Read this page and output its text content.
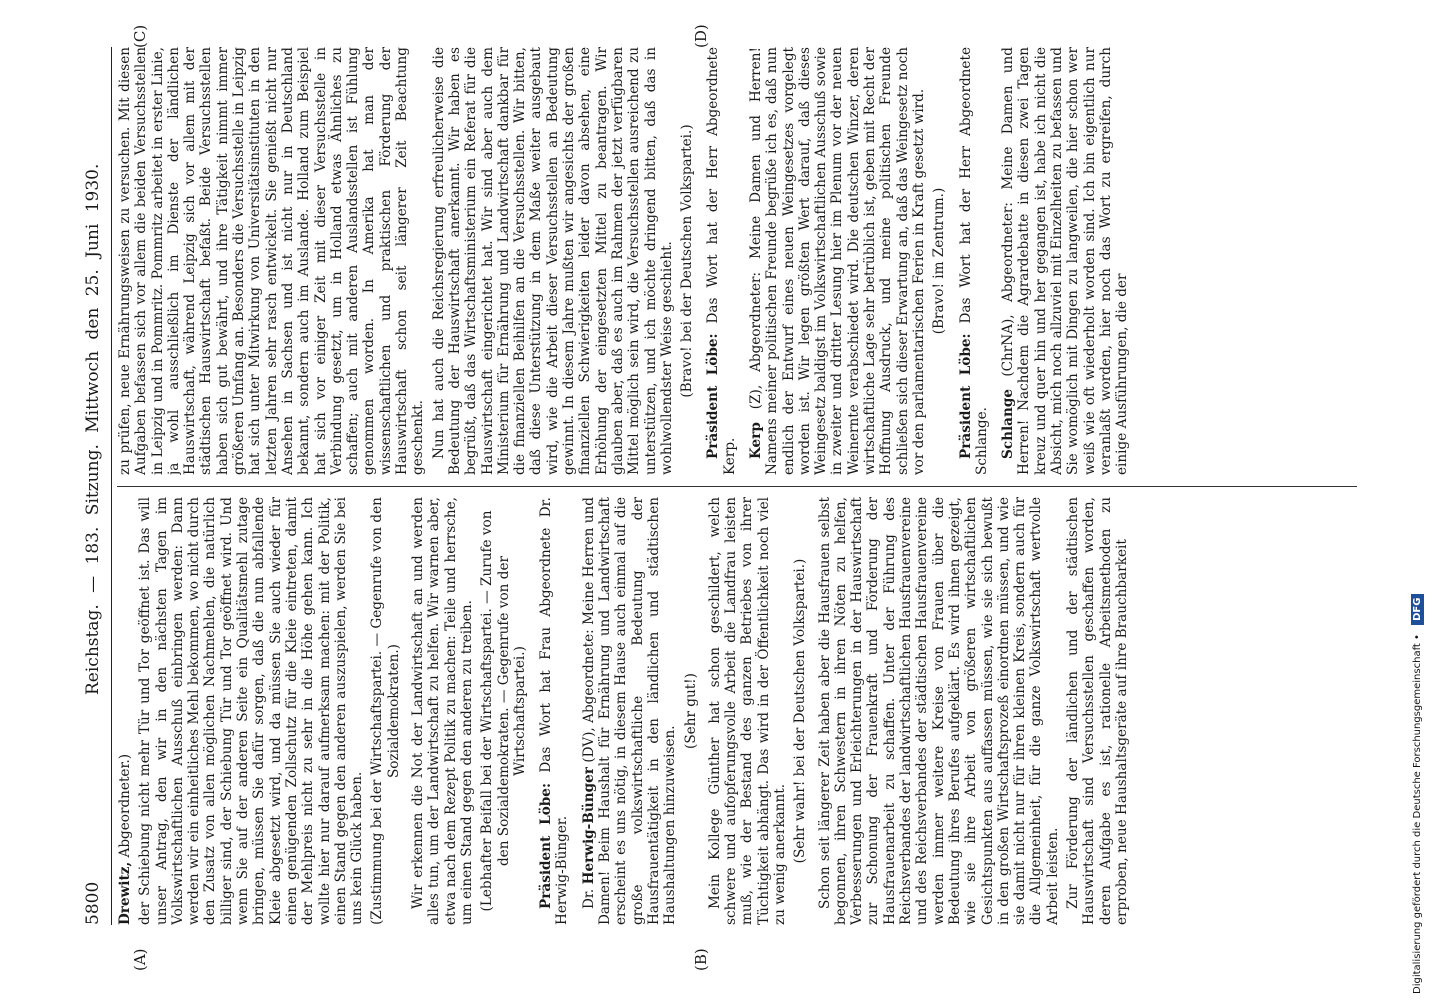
5800
Reichstag. — 183. Sitzung. Mittwoch den 25. Juni 1930.
(A)	(B)
(C)	(D)

Drewitz, Abgeordneter.) der Schiebung nicht mehr Tür und Tor geöffnet ist. Das will unser Antrag, den wir in den nächsten Tagen im Volkswirtschaftlichen Ausschuß einbringen werden: Dann werden wir ein einheitliches Mehl bekommen, wo nicht durch den Zusatz von allen möglichen Nachmehlen, die natürlich billiger sind, der Schiebung Tür und Tor geöffnet wird. Und wenn Sie auf der anderen Seite ein Qualitätsmehl zutage bringen, müssen Sie dafür sorgen, daß die nun abfallende Kleie abgesetzt wird, und da müssen Sie auch wieder für einen genügenden Zollschutz für die Kleie eintreten, damit der Mehlpreis nicht zu sehr in die Höhe gehen kann. Ich wollte hier nur darauf aufmerksam machen: mit der Politik, einen Stand gegen den anderen auszuspielen, werden Sie bei uns kein Glück haben. (Zustimmung bei der Wirtschaftspartei. — Gegenrufe von den Sozialdemokraten.) Wir erkennen die Not der Landwirtschaft an und werden alles tun, um der Landwirtschaft zu helfen. Wir warnen aber, etwa nach dem Rezept Politik zu machen: Teile und herrsche, um einen Stand gegen den anderen zu treiben. (Lebhafter Beifall bei der Wirtschaftspartei. — Zurufe von den Sozialdemokraten. — Gegenrufe von der Wirtschaftspartei.)

Präsident Löbe: Das Wort hat Frau Abgeordnete Dr. Herwig-Bünger. Dr. Herwig-Bünger (DV), Abgeordnete: Meine Herren und Damen! Beim Haushalt für Ernährung und Landwirtschaft erscheint es uns nötig, in diesem Hause auch einmal auf die große volkswirtschaftliche Bedeutung der Hausfrauentätigkeit in den ländlichen und städtischen Haushaltungen hinzuweisen.

(Sehr gut!) Mein Kollege Günther hat schon geschildert, welch schwere und aufopferungsvolle Arbeit die Landfrau leisten muß, wie der Bestand des ganzen Betriebes von ihrer Tüchtigkeit abhängt. Das wird in der Öffentlichkeit noch viel zu wenig anerkannt. (Sehr wahr! bei der Deutschen Volkspartei.) Schon seit längerer Zeit haben aber die Hausfrauen selbst begonnen, ihren Schwestern in ihren Nöten zu helfen, Verbesserungen und Erleichterungen in der Hauswirtschaft zur Schonung der Frauenkraft und Förderung der Hausfrauenarbeit zu schaffen. Unter der Führung des Reichsverbandes der landwirtschaftlichen Hausfrauenvereine und des Reichsverbandes der städtischen Hausfrauenvereine werden immer weitere Kreise von Frauen über die Bedeutung ihres Berufes aufgeklärt. Es wird ihnen gezeigt, wie sie ihre Arbeit von größeren wirtschaftlichen Gesichtspunkten aus auffassen müssen, wie sie sich bewußt in den großen Wirtschaftsprozeß einordnen müssen, und wie sie damit nicht nur für ihren kleinen Kreis, sondern auch für die Allgemeinheit, für die ganze Volkswirtschaft wertvolle Arbeit leisten. Zur Förderung der ländlichen und der städtischen Hauswirtschaft sind Versuchsstellen geschaffen worden, deren Aufgabe es ist, rationelle Arbeitsmethoden zu erproben, neue Haushaltsgeräte auf ihre Brauchbarkeit

zu prüfen, neue Ernährungsweisen zu versuchen. Mit diesen Aufgaben befassen sich vor allem die beiden Versuchsstellen in Leipzig und in Pommritz. Pommritz arbeitet in erster Linie, ja wohl ausschließlich im Dienste der ländlichen Hauswirtschaft, während Leipzig sich vor allem mit der städtischen Hauswirtschaft befaßt. Beide Versuchsstellen haben sich gut bewährt, und ihre Tätigkeit nimmt immer größeren Umfang an. Besonders die Versuchsstelle in Leipzig hat sich unter Mitwirkung von Universitätsinstituten in den letzten Jahren sehr rasch entwickelt. Sie genießt nicht nur Ansehen in Sachsen und ist nicht nur in Deutschland bekannt, sondern auch im Auslande. Holland zum Beispiel hat sich vor einiger Zeit mit dieser Versuchsstelle in Verbindung gesetzt, um in Holland etwas Ähnliches zu schaffen; auch mit anderen Auslandsstellen ist Fühlung genommen worden. In Amerika hat man der wissenschaftlichen und praktischen Förderung der Hauswirtschaft schon seit längerer Zeit Beachtung geschenkt. Nun hat auch die Reichsregierung erfreulicherweise die Bedeutung der Hauswirtschaft anerkannt. Wir haben es begrüßt, daß das Wirtschaftsministerium ein Referat für die Hauswirtschaft eingerichtet hat. Wir sind aber auch dem Ministerium für Ernährung und Landwirtschaft dankbar für die finanziellen Beihilfen an die Versuchsstellen. Wir bitten, daß diese Unterstützung in dem Maße weiter ausgebaut wird, wie die Arbeit dieser Versuchsstellen an Bedeutung gewinnt. In diesem Jahre mußten wir angesichts der großen finanziellen Schwierigkeiten leider davon absehen, eine Erhöhung der eingesetzten Mittel zu beantragen. Wir glauben aber, daß es auch im Rahmen der jetzt verfügbaren Mittel möglich sein wird, die Versuchsstellen ausreichend zu unterstützen, und ich möchte dringend bitten, daß das in wohlwollendster Weise geschieht. (Bravo! bei der Deutschen Volkspartei.) Präsident Löbe: Das Wort hat der Herr Abgeordnete Kerp. Kerp (Z), Abgeordneter: Meine Damen und Herren! Namens meiner politischen Freunde begrüße ich es, daß nun endlich der Entwurf eines neuen Weingesetzes vorgelegt worden ist. Wir legen größten Wert darauf, daß dieses Weingesetz baldigst im Volkswirtschaftlichen Ausschuß sowie in zweiter und dritter Lesung hier im Plenum vor der neuen Weinernte verabschiedet wird. Die deutschen Winzer, deren wirtschaftliche Lage sehr betrüblich ist, geben mit Recht der Hoffnung Ausdruck, und meine politischen Freunde schließen sich dieser Erwartung an, daß das Weingesetz noch vor den parlamentarischen Ferien in Kraft gesetzt wird. (Bravo! im Zentrum.)

Präsident Löbe: Das Wort hat der Herr Abgeordnete Schlange. Schlange (ChrNA), Abgeordneter: Meine Damen und Herren! Nachdem die Agrardebatte in diesen zwei Tagen kreuz und quer hin und her gegangen ist, habe ich nicht die Absicht, mich noch allzuviel mit Einzelheiten zu befassen und Sie womöglich mit Dingen zu langweilen, die hier schon wer weiß wie oft wiederholt worden sind. Ich bin eigentlich nur veranlaßt worden, hier noch das Wort zu ergreifen, durch einige Ausführungen, die der

Digitalisierung gefördert durch die Deutsche Forschungsgemeinschaft • DFG
